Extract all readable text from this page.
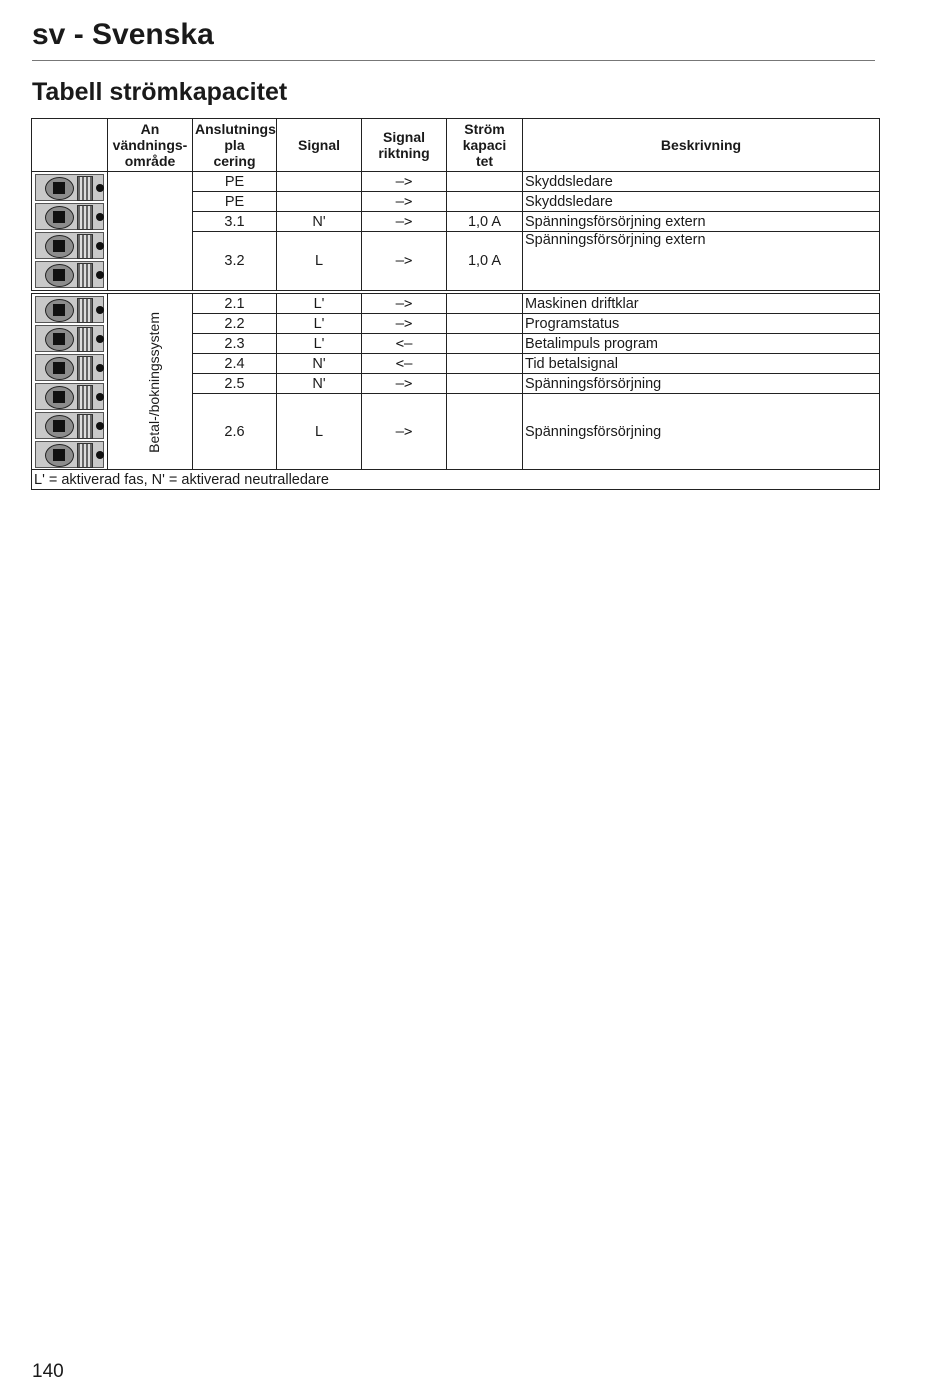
sv - Svenska
Tabell strömkapacitet
	An
vändnings-
område	Anslutnings
pla
cering	Signal	Signal
riktning	Ström
kapaci
tet	Beskrivning

		PE		—>		Skyddsledare
		PE		—>		Skyddsledare
		3.1	N'	—>	1,0 A	Spänningsförsörjning extern
		3.2	L	—>	1,0 A	Spänningsförsörjning extern

	Betal-/bokningssystem	2.1	L'	—>		Maskinen driftklar
		2.2	L'	—>		Programstatus
		2.3	L'	<—		Betalimpuls program
		2.4	N'	<—		Tid betalsignal
		2.5	N'	—>		Spänningsförsörjning
		2.6	L	—>		Spänningsförsörjning
L' = aktiverad fas, N' = aktiverad neutralledare						
140
